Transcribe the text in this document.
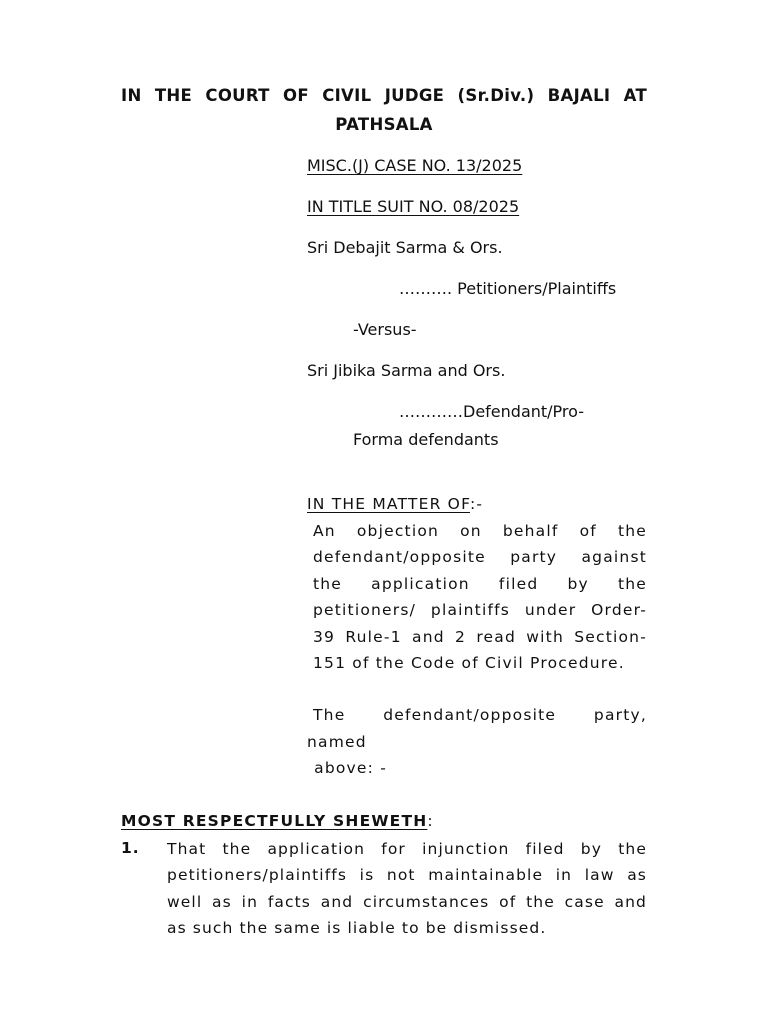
IN THE COURT OF CIVIL JUDGE (Sr.Div.) BAJALI AT
PATHSALA
MISC.(J) CASE NO. 13/2025
IN TITLE SUIT NO. 08/2025
Sri Debajit Sarma & Ors.
………. Petitioners/Plaintiffs
-Versus-
Sri Jibika Sarma and Ors.
…………Defendant/Pro-
Forma defendants
IN THE MATTER OF:-
An objection on behalf of the
defendant/opposite party against
the application filed by the
petitioners/ plaintiffs under Order-
39 Rule-1 and 2 read with Section-
151 of the Code of Civil Procedure.
The defendant/opposite party,
named
above: -
MOST RESPECTFULLY SHEWETH:
1. That the application for injunction filed by the
petitioners/plaintiffs is not maintainable in law as
well as in facts and circumstances of the case and
as such the same is liable to be dismissed.
